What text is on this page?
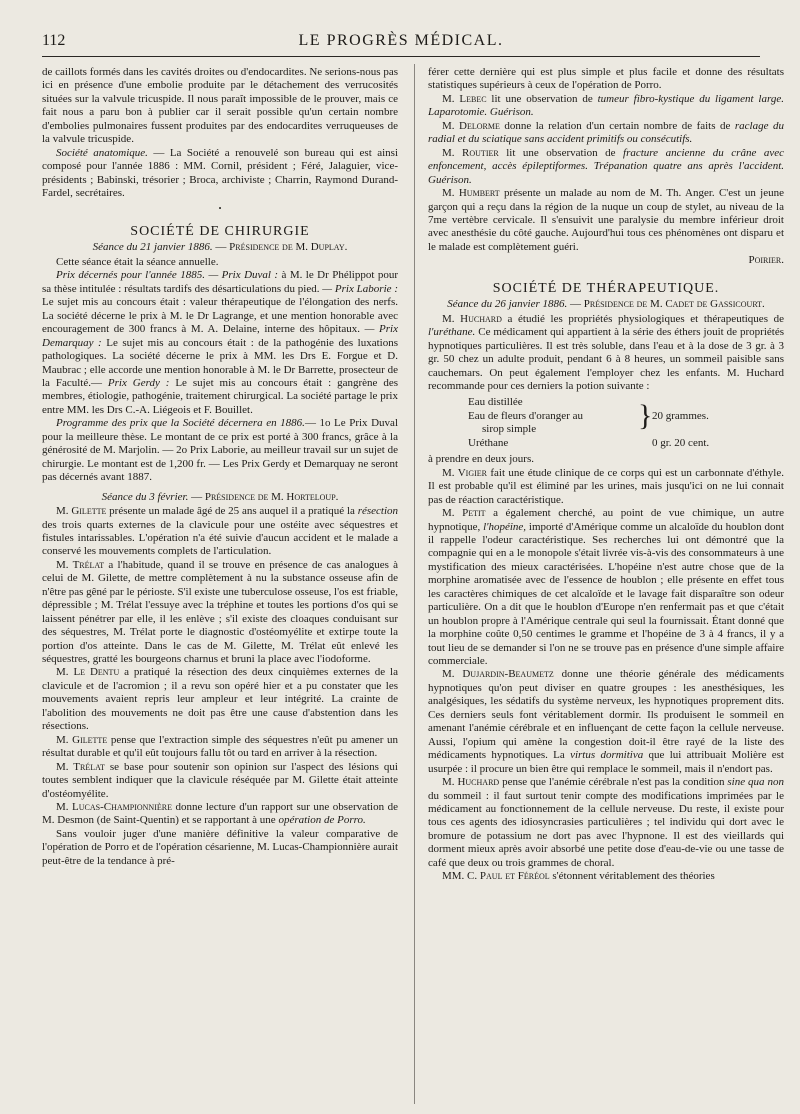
112	LE PROGRÈS MÉDICAL.

de caillots formés dans les cavités droites ou d'endocardites. Ne serions-nous pas ici en présence d'une embolie produite par le détachement des verrucosités situées sur la valvule tricuspide. Il nous paraît impossible de le prouver, mais ce fait nous a paru bon à publier car il serait possible qu'un certain nombre d'embolies pulmonaires fussent produites par des endocardites verruqueuses de la valvule tricuspide.

Société anatomique. — La Société a renouvelé son bureau qui est ainsi composé pour l'année 1886 : MM. Cornil, président ; Féré, Jalaguier, vice-présidents ; Babinski, trésorier ; Broca, archiviste ; Charrin, Raymond Durand-Fardel, secrétaires.

•
SOCIÉTÉ DE CHIRURGIE

Séance du 21 janvier 1886. — Présidence de M. Duplay.

Cette séance était la séance annuelle.

Prix décernés pour l'année 1885. — Prix Duval : à M. le Dr Phélippot pour sa thèse intitulée : résultats tardifs des désarticulations du pied. — Prix Laborie : Le sujet mis au concours était : valeur thérapeutique de l'élongation des nerfs. La société décerne le prix à M. le Dr Lagrange, et une mention honorable avec encouragement de 300 francs à M. A. Delaine, interne des hôpitaux. — Prix Demarquay : Le sujet mis au concours était : de la pathogénie des luxations pathologiques. La société décerne le prix à MM. les Drs E. Forgue et D. Maubrac ; elle accorde une mention honorable à M. le Dr Barrette, prosecteur de la Faculté.— Prix Gerdy : Le sujet mis au concours était : gangrène des membres, étiologie, pathogénie, traitement chirurgical. La société partage le prix entre MM. les Drs C.-A. Liégeois et F. Bouillet.

Programme des prix que la Société décernera en 1886.— 1o Le Prix Duval pour la meilleure thèse. Le montant de ce prix est porté à 300 francs, grâce à la générosité de M. Marjolin. — 2o Prix Laborie, au meilleur travail sur un sujet de chirurgie. Le montant est de 1,200 fr. — Les Prix Gerdy et Demarquay ne seront pas décernés avant 1887.

Séance du 3 février. — Présidence de M. Horteloup.

M. Gilette présente un malade âgé de 25 ans auquel il a pratiqué la résection des trois quarts externes de la clavicule pour une ostéite avec séquestres et fistules intarissables. L'opération n'a été suivie d'aucun accident et le malade a conservé les mouvements complets de l'articulation.

M. Trélat a l'habitude, quand il se trouve en présence de cas analogues à celui de M. Gilette, de mettre complètement à nu la substance osseuse afin de n'être pas gêné par le périoste. S'il existe une tuberculose osseuse, l'os est friable, dépressible ; M. Trélat l'essuye avec la tréphine et toutes les portions d'os qui se laissent pénétrer par elle, il les enlève ; s'il existe des cloaques conduisant sur des séquestres, M. Trélat porte le diagnostic d'ostéomyélite et extirpe toute la portion d'os atteinte. Dans le cas de M. Gilette, M. Trélat eût enlevé les séquestres, gratté les bourgeons charnus et bruni la place avec l'iodoforme.

M. Le Dentu a pratiqué la résection des deux cinquièmes externes de la clavicule et de l'acromion ; il a revu son opéré hier et a pu constater que les mouvements avaient repris leur ampleur et leur intégrité. La crainte de l'abolition des mouvements ne doit pas être une cause d'abstention dans les résections.

M. Gilette pense que l'extraction simple des séquestres n'eût pu amener un résultat durable et qu'il eût toujours fallu tôt ou tard en arriver à la résection.

M. Trélat se base pour soutenir son opinion sur l'aspect des lésions qui toutes semblent indiquer que la clavicule réséquée par M. Gilette était atteinte d'ostéomyélite.

M. Lucas-Championnière donne lecture d'un rapport sur une observation de M. Desmon (de Saint-Quentin) et se rapportant à une opération de Porro.

Sans vouloir juger d'une manière définitive la valeur comparative de l'opération de Porro et de l'opération césarienne, M. Lucas-Championnière aurait peut-être de la tendance à pré-

férer cette dernière qui est plus simple et plus facile et donne des résultats statistiques supérieurs à ceux de l'opération de Porro.

M. Lebec lit une observation de tumeur fibro-kystique du ligament large. Laparotomie. Guérison.

M. Delorme donne la relation d'un certain nombre de faits de raclage du radial et du sciatique sans accident primitifs ou consécutifs.

M. Routier lit une observation de fracture ancienne du crâne avec enfoncement, accès épileptiformes. Trépanation quatre ans après l'accident. Guérison.

M. Humbert présente un malade au nom de M. Th. Anger. C'est un jeune garçon qui a reçu dans la région de la nuque un coup de stylet, au niveau de la 7me vertèbre cervicale. Il s'ensuivit une paralysie du membre inférieur droit avec anesthésie du côté gauche. Aujourd'hui tous ces phénomènes ont disparu et le malade est complètement guéri.

Poirier.
SOCIÉTÉ DE THÉRAPEUTIQUE.

Séance du 26 janvier 1886. — Présidence de M. Cadet de Gassicourt.

M. Huchard a étudié les propriétés physiologiques et thérapeutiques de l'uréthane. Ce médicament qui appartient à la série des éthers jouit de propriétés hypnotiques particulières. Il est très soluble, dans l'eau et à la dose de 3 gr. à 3 gr. 50 chez un adulte produit, pendant 6 à 8 heures, un sommeil paisible sans cauchemars. On peut également l'employer chez les enfants. M. Huchard recommande pour ces derniers la potion suivante :

Eau distillée
Eau de fleurs d'oranger au
sirop simple
Uréthane
} 20 grammes.
0 gr. 20 cent.

à prendre en deux jours.

M. Vigier fait une étude clinique de ce corps qui est un carbonnate d'éthyle. Il est probable qu'il est éliminé par les urines, mais jusqu'ici on ne lui connait pas de réaction caractéristique.

M. Petit a également cherché, au point de vue chimique, un autre hypnotique, l'hopéine, importé d'Amérique comme un alcaloïde du houblon dont il rappelle l'odeur caractéristique. Ses recherches lui ont démontré que la compagnie qui en a le monopole s'était livrée vis-à-vis des consommateurs à une mystification des mieux caractérisées. L'hopéine n'est autre chose que de la morphine aromatisée avec de l'essence de houblon ; elle présente en effet tous les caractères chimiques de cet alcaloïde et le lavage fait disparaître son odeur particulière. On a dit que le houblon d'Europe n'en renfermait pas et que c'était un houblon propre à l'Amérique centrale qui seul la fournissait. Étant donné que la morphine coûte 0,50 centimes le gramme et l'hopéine de 3 à 4 francs, il y a tout lieu de se demander si l'on ne se trouve pas en présence d'une simple affaire commerciale.

M. Dujardin-Beaumetz donne une théorie générale des médicaments hypnotiques qu'on peut diviser en quatre groupes : les anesthésiques, les analgésiques, les sédatifs du système nerveux, les hypnotiques proprement dits. Ces derniers seuls font véritablement dormir. Ils produisent le sommeil en amenant l'anémie cérébrale et en influençant de cette façon la cellule nerveuse. Aussi, l'opium qui amène la congestion doit-il être rayé de la liste des médicaments hypnotiques. La virtus dormitiva que lui attribuait Molière est usurpée : il procure un bien être qui remplace le sommeil, mais il n'endort pas.

M. Huchard pense que l'anémie cérébrale n'est pas la condition sine qua non du sommeil : il faut surtout tenir compte des modifications imprimées par le médicament au fonctionnement de la cellule nerveuse. Du reste, il existe pour tous ces agents des idiosyncrasies particulières ; tel individu qui dort avec le bromure de potassium ne dort pas avec l'hypnone. Il est des vieillards qui dorment mieux après avoir absorbé une petite dose d'eau-de-vie ou une tasse de café que deux ou trois grammes de choral.

MM. C. Paul et Féréol s'étonnent véritablement des théories
